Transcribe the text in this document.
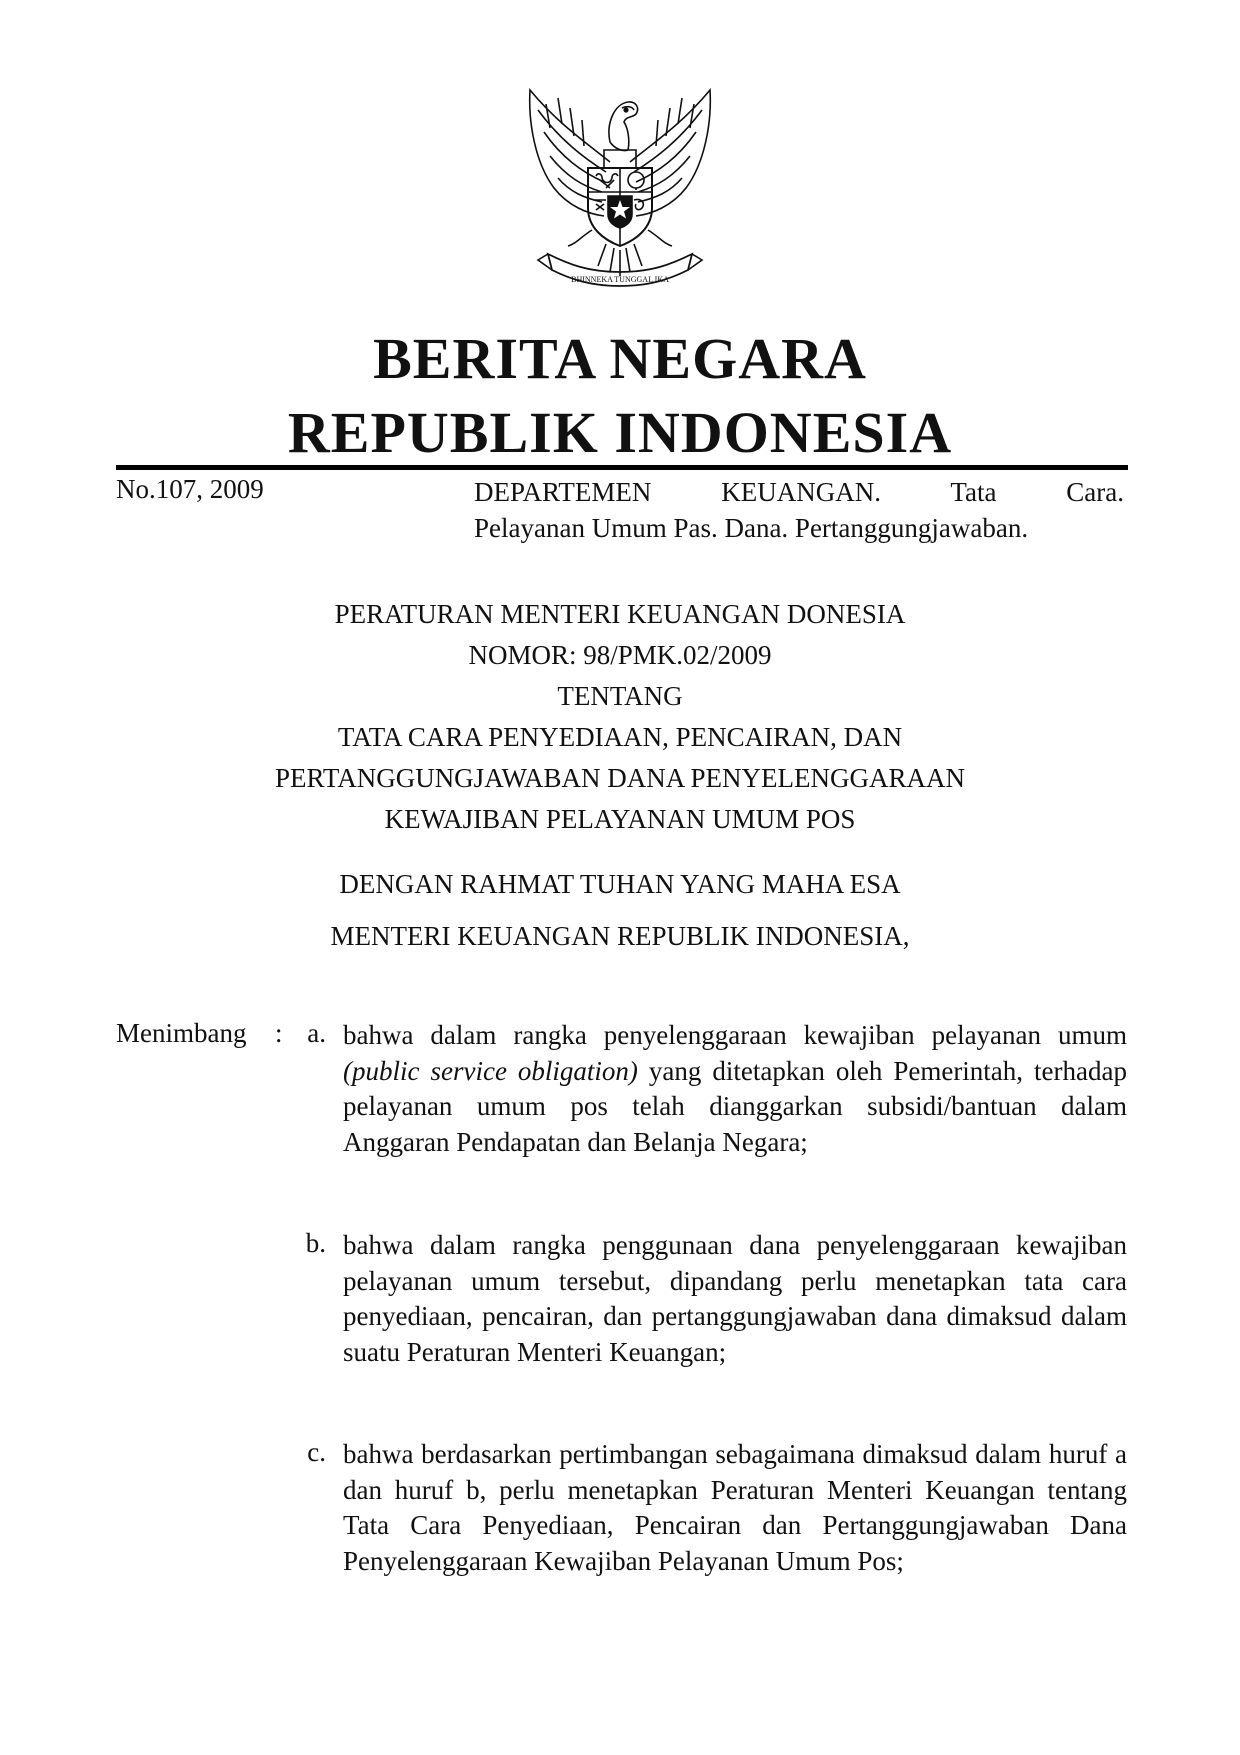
BHINNEKA TUNGGAL IKA
BERITA NEGARA
REPUBLIK INDONESIA
No.107, 2009	DEPARTEMEN KEUANGAN. Tata Cara.
Pelayanan Umum Pas. Dana. Pertanggungjawaban.
PERATURAN MENTERI KEUANGAN DONESIA
NOMOR: 98/PMK.02/2009
TENTANG
TATA CARA PENYEDIAAN, PENCAIRAN, DAN
PERTANGGUNGJAWABAN DANA PENYELENGGARAAN
KEWAJIBAN PELAYANAN UMUM POS
DENGAN RAHMAT TUHAN YANG MAHA ESA
MENTERI KEUANGAN REPUBLIK INDONESIA,
Menimbang : a. bahwa dalam rangka penyelenggaraan kewajiban pelayanan umum (public service obligation) yang ditetapkan oleh Pemerintah, terhadap pelayanan umum pos telah dianggarkan subsidi/bantuan dalam Anggaran Pendapatan dan Belanja Negara;
b. bahwa dalam rangka penggunaan dana penyelenggaraan kewajiban pelayanan umum tersebut, dipandang perlu menetapkan tata cara penyediaan, pencairan, dan pertanggungjawaban dana dimaksud dalam suatu Peraturan Menteri Keuangan;
c. bahwa berdasarkan pertimbangan sebagaimana dimaksud dalam huruf a dan huruf b, perlu menetapkan Peraturan Menteri Keuangan tentang Tata Cara Penyediaan, Pencairan dan Pertanggungjawaban Dana Penyelenggaraan Kewajiban Pelayanan Umum Pos;
